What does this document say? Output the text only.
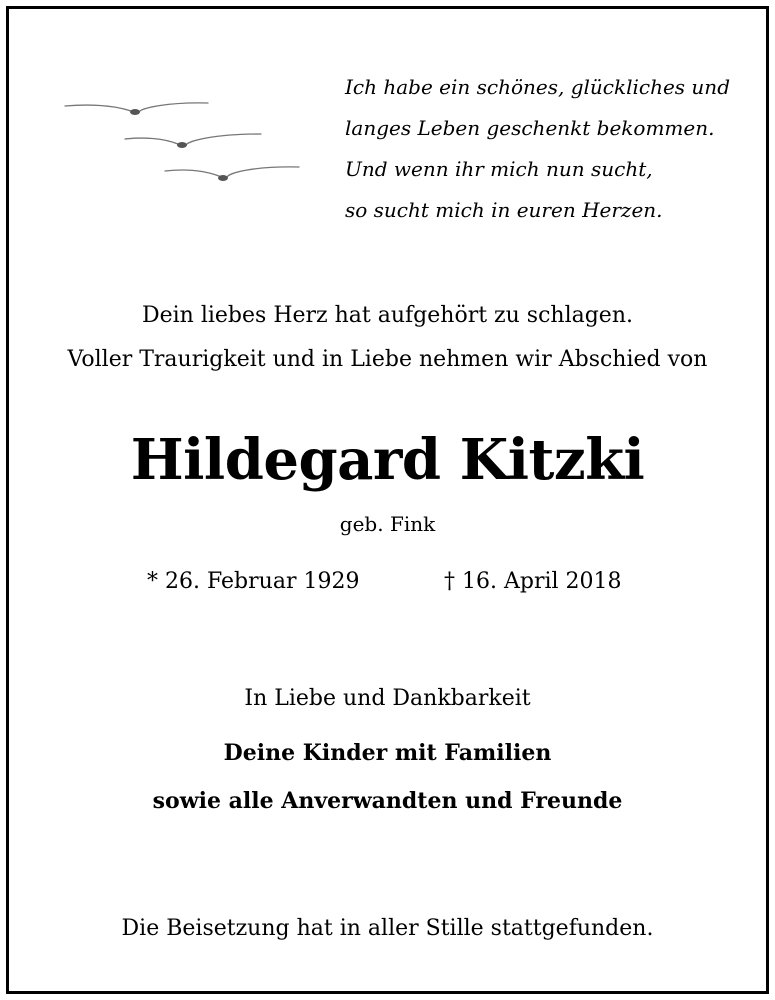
Ich habe ein schönes, glückliches und
langes Leben geschenkt bekommen.
Und wenn ihr mich nun sucht,
so sucht mich in euren Herzen.
Dein liebes Herz hat aufgehört zu schlagen.
Voller Traurigkeit und in Liebe nehmen wir Abschied von
Hildegard Kitzki
geb. Fink
* 26. Februar 1929	† 16. April 2018
In Liebe und Dankbarkeit
Deine Kinder mit Familien
sowie alle Anverwandten und Freunde
Die Beisetzung hat in aller Stille stattgefunden.
